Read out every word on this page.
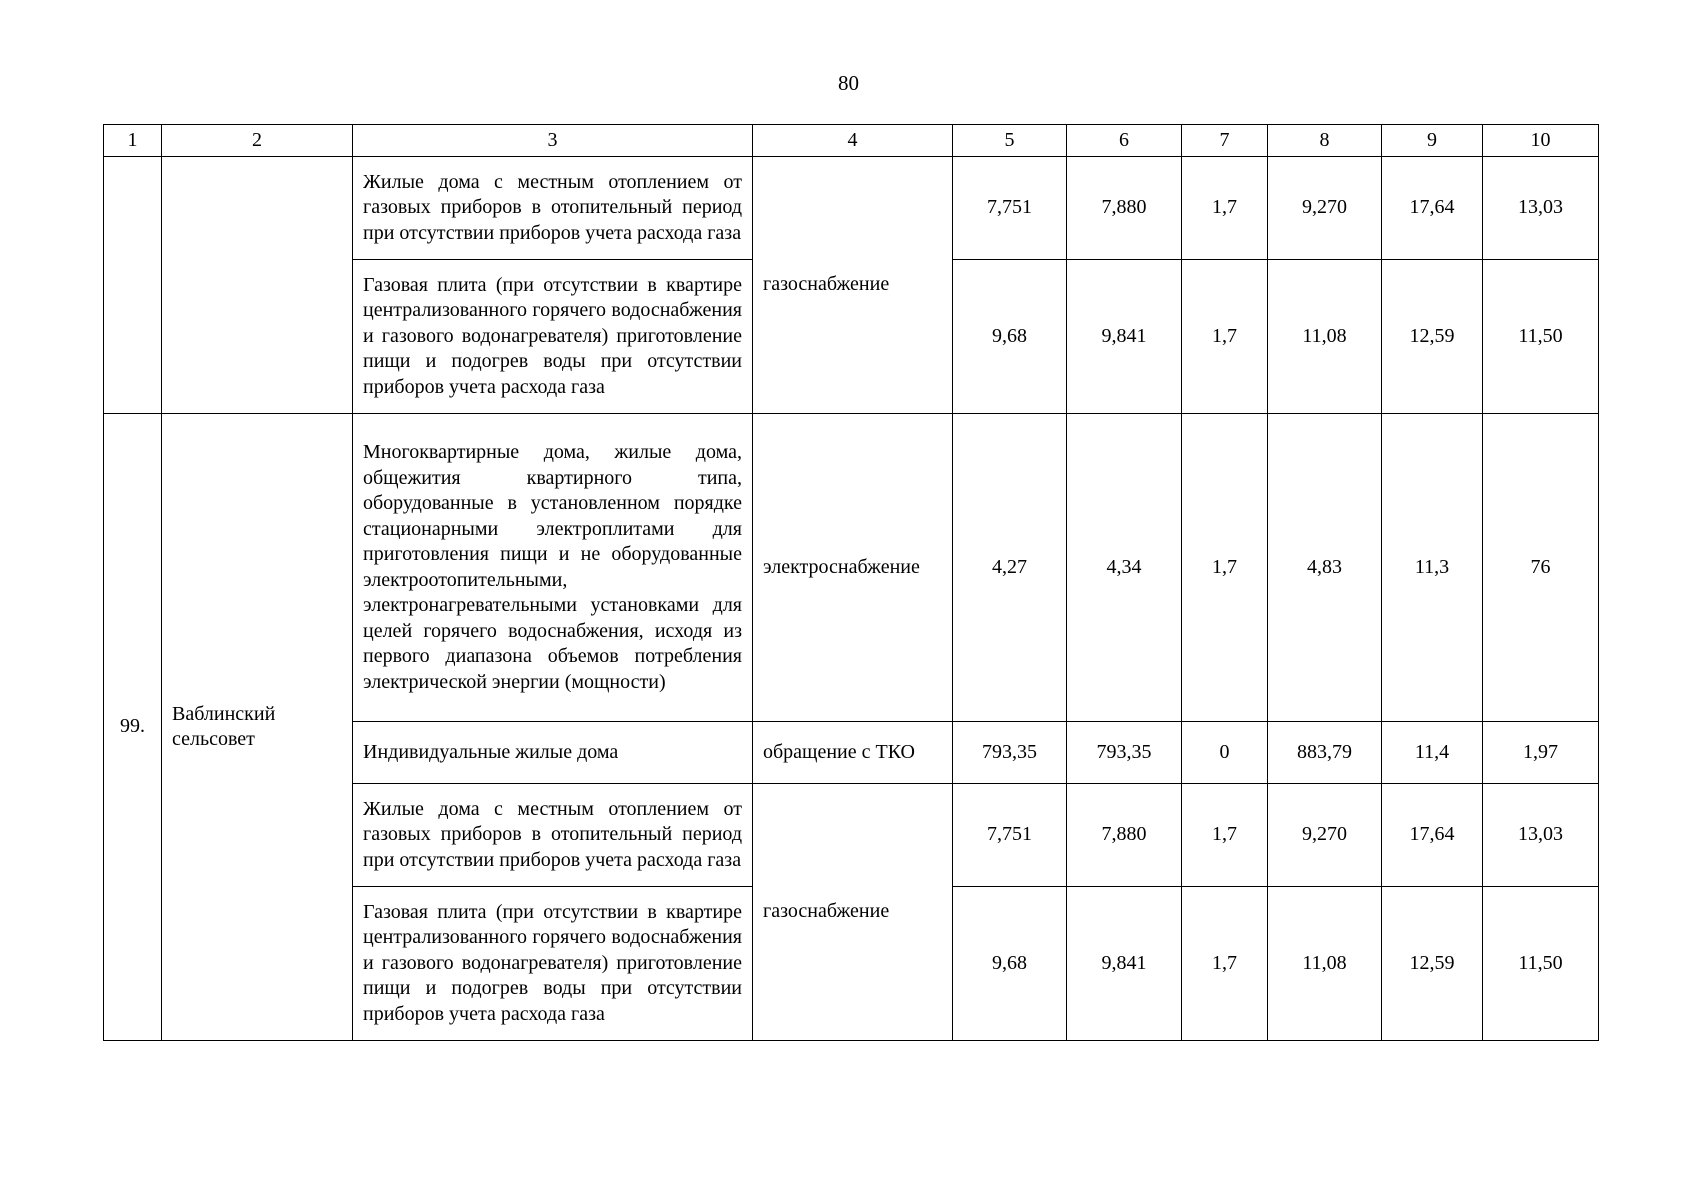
80
1	2	3	4	5	6	7	8	9	10
		Жилые дома с местным отоплением от газовых приборов в отопительный период при отсутствии приборов учета расхода газа	газоснабжение	7,751	7,880	1,7	9,270	17,64	13,03
		Газовая плита (при отсутствии в квартире централизованного горячего водоснабжения и газового водонагревателя) приготовление пищи и подогрев воды при отсутствии приборов учета расхода газа		9,68	9,841	1,7	11,08	12,59	11,50
99.	Ваблинский сельсовет	Многоквартирные дома, жилые дома, общежития квартирного типа, оборудованные в установленном порядке стационарными электроплитами для приготовления пищи и не оборудованные электроотопительными, электронагревательными установками для целей горячего водоснабжения, исходя из первого диапазона объемов потребления электрической энергии (мощности)	электроснабжение	4,27	4,34	1,7	4,83	11,3	76
		Индивидуальные жилые дома	обращение с ТКО	793,35	793,35	0	883,79	11,4	1,97
		Жилые дома с местным отоплением от газовых приборов в отопительный период при отсутствии приборов учета расхода газа	газоснабжение	7,751	7,880	1,7	9,270	17,64	13,03
		Газовая плита (при отсутствии в квартире централизованного горячего водоснабжения и газового водонагревателя) приготовление пищи и подогрев воды при отсутствии приборов учета расхода газа		9,68	9,841	1,7	11,08	12,59	11,50
